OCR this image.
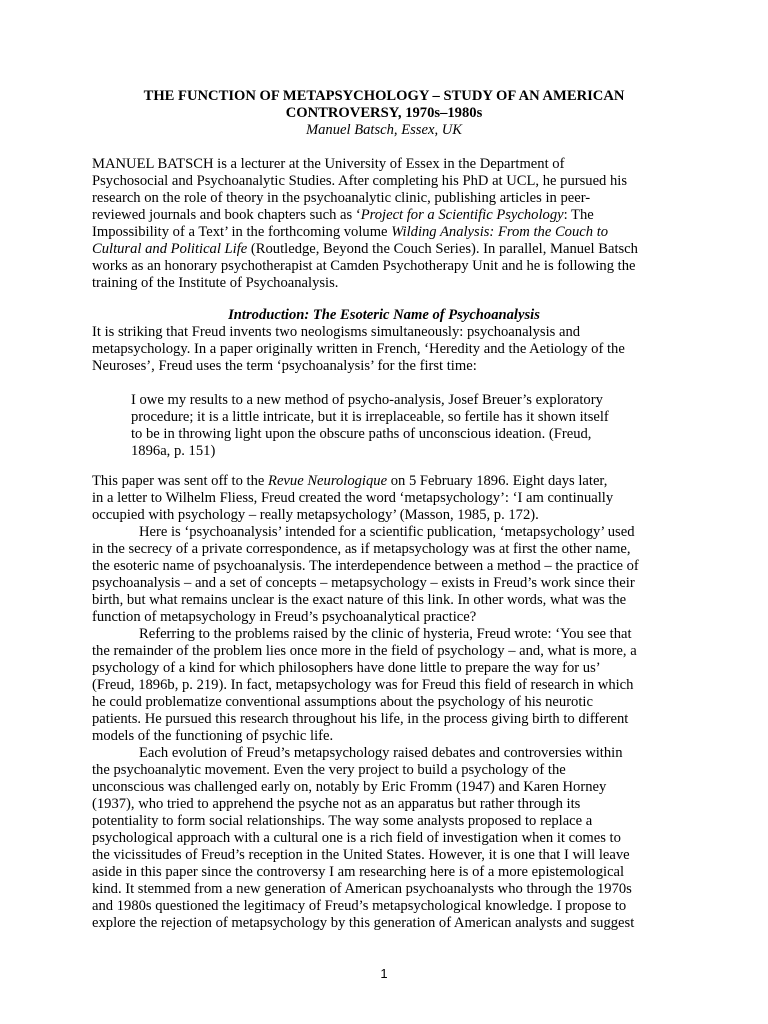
THE FUNCTION OF METAPSYCHOLOGY – STUDY OF AN AMERICAN
CONTROVERSY, 1970s–1980s
Manuel Batsch, Essex, UK
MANUEL BATSCH is a lecturer at the University of Essex in the Department of
Psychosocial and Psychoanalytic Studies. After completing his PhD at UCL, he pursued his
research on the role of theory in the psychoanalytic clinic, publishing articles in peer-
reviewed journals and book chapters such as ‘Project for a Scientific Psychology: The
Impossibility of a Text’ in the forthcoming volume Wilding Analysis: From the Couch to
Cultural and Political Life (Routledge, Beyond the Couch Series). In parallel, Manuel Batsch
works as an honorary psychotherapist at Camden Psychotherapy Unit and he is following the
training of the Institute of Psychoanalysis.
Introduction: The Esoteric Name of Psychoanalysis
It is striking that Freud invents two neologisms simultaneously: psychoanalysis and
metapsychology. In a paper originally written in French, ‘Heredity and the Aetiology of the
Neuroses’, Freud uses the term ‘psychoanalysis’ for the first time:
I owe my results to a new method of psycho-analysis, Josef Breuer’s exploratory
procedure; it is a little intricate, but it is irreplaceable, so fertile has it shown itself
to be in throwing light upon the obscure paths of unconscious ideation. (Freud,
1896a, p. 151)
This paper was sent off to the Revue Neurologique on 5 February 1896. Eight days later,
in a letter to Wilhelm Fliess, Freud created the word ‘metapsychology’: ‘I am continually
occupied with psychology – really metapsychology’ (Masson, 1985, p. 172).
Here is ‘psychoanalysis’ intended for a scientific publication, ‘metapsychology’ used
in the secrecy of a private correspondence, as if metapsychology was at first the other name,
the esoteric name of psychoanalysis. The interdependence between a method – the practice of
psychoanalysis – and a set of concepts – metapsychology – exists in Freud’s work since their
birth, but what remains unclear is the exact nature of this link. In other words, what was the
function of metapsychology in Freud’s psychoanalytical practice?
Referring to the problems raised by the clinic of hysteria, Freud wrote: ‘You see that
the remainder of the problem lies once more in the field of psychology – and, what is more, a
psychology of a kind for which philosophers have done little to prepare the way for us’
(Freud, 1896b, p. 219). In fact, metapsychology was for Freud this field of research in which
he could problematize conventional assumptions about the psychology of his neurotic
patients. He pursued this research throughout his life, in the process giving birth to different
models of the functioning of psychic life.
Each evolution of Freud’s metapsychology raised debates and controversies within
the psychoanalytic movement. Even the very project to build a psychology of the
unconscious was challenged early on, notably by Eric Fromm (1947) and Karen Horney
(1937), who tried to apprehend the psyche not as an apparatus but rather through its
potentiality to form social relationships. The way some analysts proposed to replace a
psychological approach with a cultural one is a rich field of investigation when it comes to
the vicissitudes of Freud’s reception in the United States. However, it is one that I will leave
aside in this paper since the controversy I am researching here is of a more epistemological
kind. It stemmed from a new generation of American psychoanalysts who through the 1970s
and 1980s questioned the legitimacy of Freud’s metapsychological knowledge. I propose to
explore the rejection of metapsychology by this generation of American analysts and suggest
1
